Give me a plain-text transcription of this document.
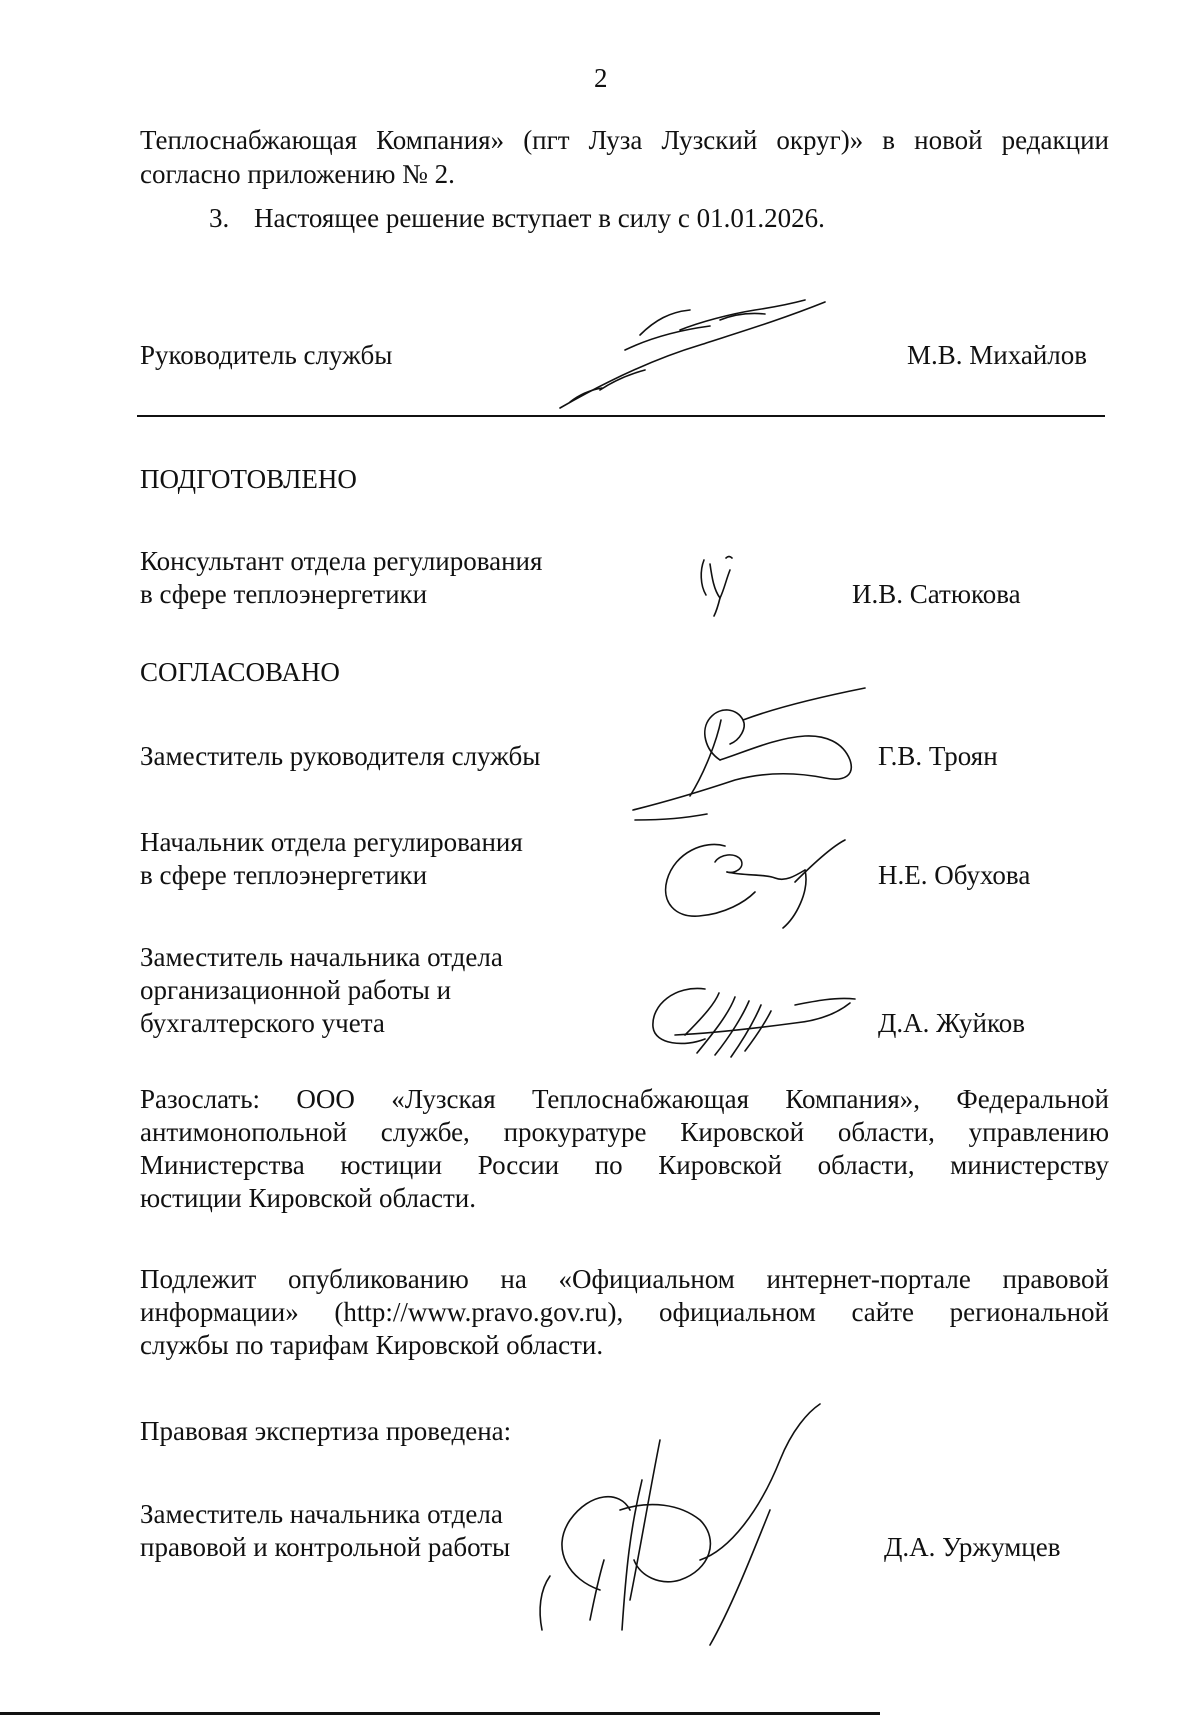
2
Теплоснабжающая Компания» (пгт Луза Лузский округ)» в новой редакции
согласно приложению № 2.
3. Настоящее решение вступает в силу с 01.01.2026.
Руководитель службы	М.В. Михайлов
ПОДГОТОВЛЕНО
Консультант отдела регулирования
в сфере теплоэнергетики	И.В. Сатюкова
СОГЛАСОВАНО
Заместитель руководителя службы	Г.В. Троян
Начальник отдела регулирования
в сфере теплоэнергетики	Н.Е. Обухова
Заместитель начальника отдела
организационной работы и
бухгалтерского учета	Д.А. Жуйков
Разослать: ООО «Лузская Теплоснабжающая Компания», Федеральной
антимонопольной службе, прокуратуре Кировской области, управлению
Министерства юстиции России по Кировской области, министерству
юстиции Кировской области.
Подлежит опубликованию на «Официальном интернет-портале правовой
информации» (http://www.pravo.gov.ru), официальном сайте региональной
службы по тарифам Кировской области.
Правовая экспертиза проведена:
Заместитель начальника отдела
правовой и контрольной работы	Д.А. Уржумцев
